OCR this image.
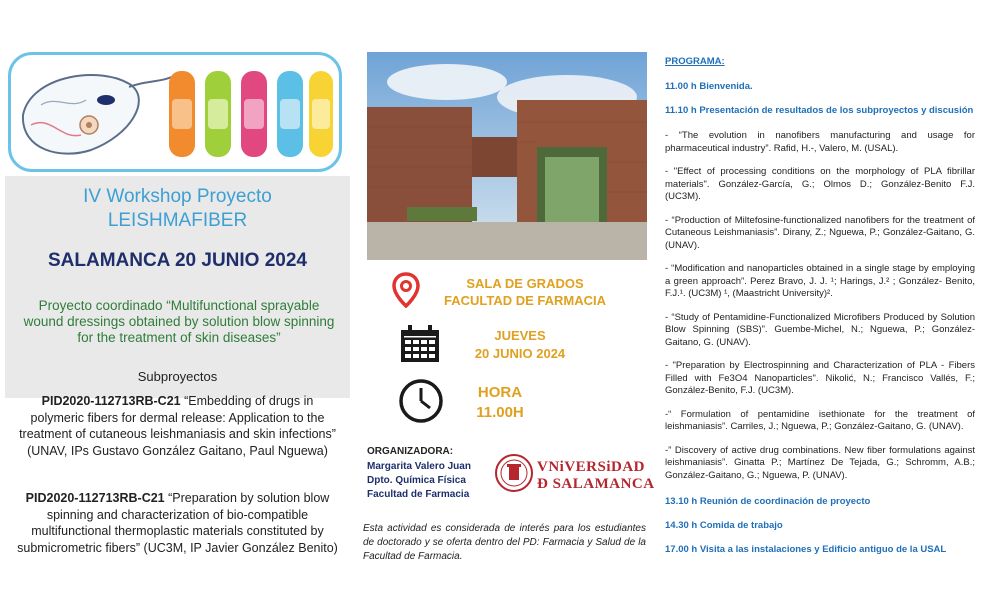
IV Workshop Proyecto
LEISHMAFIBER
SALAMANCA 20 JUNIO 2024
Proyecto coordinado “Multifunctional sprayable wound dressings obtained by solution blow spinning for the treatment of skin diseases”
Subproyectos
PID2020-112713RB-C21 “Embedding of drugs in polymeric fibers for dermal release: Application to the treatment of cutaneous leishmaniasis and skin infections” (UNAV, IPs Gustavo González Gaitano, Paul Nguewa)
PID2020-112713RB-C21 “Preparation by solution blow spinning and characterization of bio-compatible multifunctional thermoplastic materials constituted by submicrometric fibers” (UC3M, IP Javier González Benito)
SALA DE GRADOS
FACULTAD DE FARMACIA
JUEVES
20 JUNIO 2024
HORA
11.00H
ORGANIZADORA:
Margarita Valero Juan
Dpto. Química Física
Facultad de Farmacia
VNiVERSiDAD
Ð SALAMANCA
Esta actividad es considerada de interés para los estudiantes de doctorado y se oferta dentro del PD: Farmacia y Salud de la Facultad de Farmacia.
PROGRAMA:
11.00 h Bienvenida.
11.10 h Presentación de resultados de los subproyectos y discusión
- “The evolution in nanofibers manufacturing and usage for pharmaceutical industry”. Rafid, H.-, Valero, M. (USAL).
- "Effect of processing conditions on the morphology of PLA fibrillar materials". González-García, G.; Olmos D.; González-Benito F.J. (UC3M).
- “Production of Miltefosine-functionalized nanofibers for the treatment of Cutaneous Leishmaniasis”. Dirany, Z.; Nguewa, P.; González-Gaitano, G. (UNAV).
- “Modification and nanoparticles obtained in a single stage by employing a green approach”. Perez Bravo, J. J. ¹; Harings, J.² ; González- Benito, F.J.¹. (UC3M) ¹, (Maastricht University)².
- “Study of Pentamidine-Functionalized Microfibers Produced by Solution Blow Spinning (SBS)”. Guembe-Michel, N.; Nguewa, P.; González-Gaitano, G. (UNAV).
- "Preparation by Electrospinning and Characterization of PLA - Fibers Filled with Fe3O4 Nanoparticles". Nikolić, N.; Francisco Vallés, F.; González-Benito, F.J. (UC3M).
-“ Formulation of pentamidine isethionate for the treatment of leishmaniasis”. Carriles, J.; Nguewa, P.; González-Gaitano, G. (UNAV).
-” Discovery of active drug combinations. New fiber formulations against leishmaniasis”. Ginatta P.; Martínez De Tejada, G.; Schromm, A.B.; González-Gaitano, G.; Nguewa, P. (UNAV).
13.10 h Reunión de coordinación de proyecto
14.30 h Comida de trabajo
17.00 h Visita a las instalaciones y Edificio antiguo de la USAL
